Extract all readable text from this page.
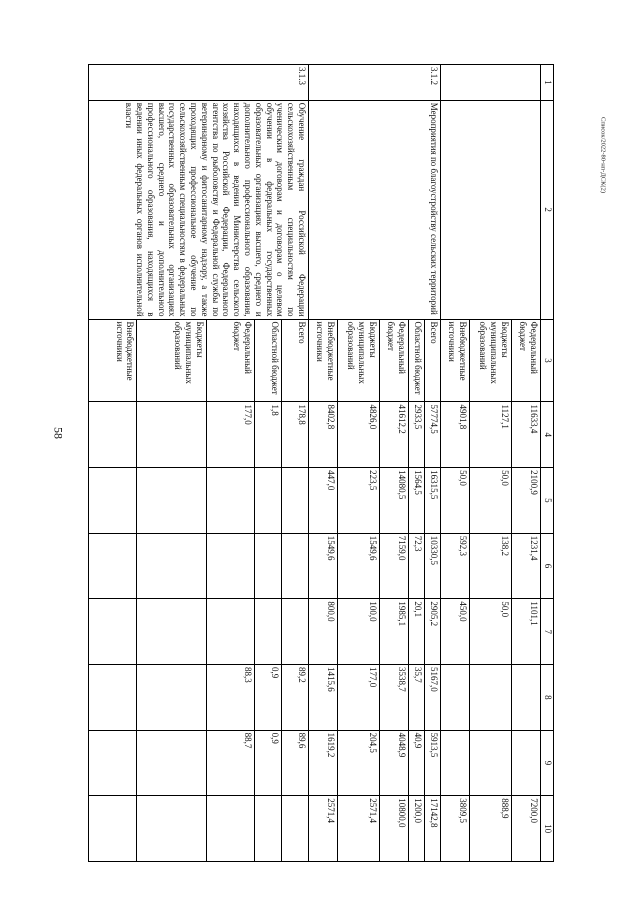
58
Список/2022-80-нп-ДСК(2)
1	2	3	4	5	6	7	8	9	10
		Федеральный бюджет	11633,4	2100,9	1231,4	1101,1			7200,0
		Бюджеты муниципальных образований	1127,1	50,0	138,2	50,0			888,9
		Внебюджетные источники	4901,8	50,0	592,3	450,0			3809,5
3.1.2	Мероприятия по благоустройству сельских территорий	Всего	57774,5	16315,5	10330,5	2905,2	5167,0	5913,5	17142,8
		Областной бюджет	2933,5	1564,5	72,3	20,1	35,7	40,9	1200,0
		Федеральный бюджет	41612,2	14080,5	7159,0	1985,1	3538,7	4048,9	10800,0
		Бюджеты муниципальных образований	4826,0	223,5	1549,6	100,0	177,0	204,5	2571,4
		Внебюджетные источники	8402,8	447,0	1549,6	800,0	1415,6	1619,2	2571,4
3.1.3	Обучение граждан Российской Федерации сельскохозяйственным специальностям по ученическим договорам и договорам о целевом обучении в федеральных государственных образовательных организациях высшего, среднего и дополнительного профессионального образования, находящихся в ведении Министерства сельского хозяйства Российской Федерации, Федерального агентства по рыболовству и Федеральной службы по ветеринарному и фитосанитарному надзору, а также проходящих профессиональное обучение по сельскохозяйственным специальностям в федеральных государственных образовательных организациях высшего, среднего и дополнительного профессионального образования, находящихся в ведении иных федеральных органов исполнительной власти	Всего	178,8				89,2	89,6	
		Областной бюджет	1,8				0,9	0,9	
		Федеральный бюджет	177,0				88,3	88,7	
		Бюджеты муниципальных образований							
		Внебюджетные источники							
